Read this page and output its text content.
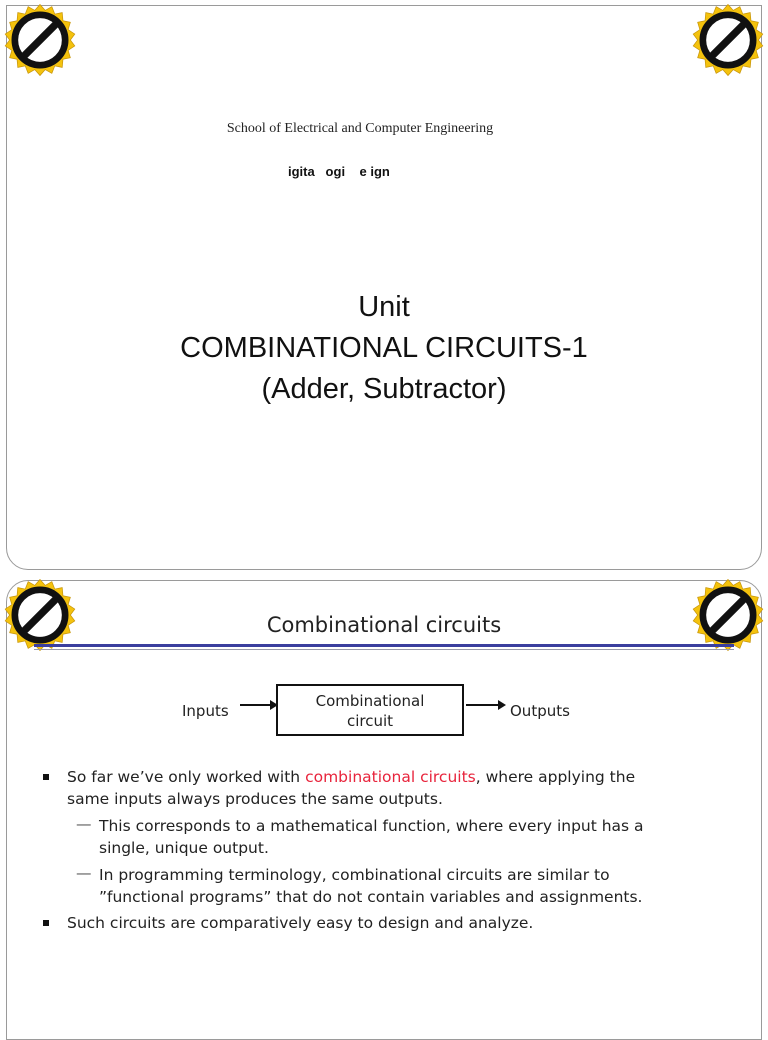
School of Electrical and Computer Engineering
igita   ogi    e ign
Unit
COMBINATIONAL CIRCUITS-1
(Adder, Subtractor)
Combinational circuits
Inputs
Combinational
circuit
Outputs
So far we’ve only worked with combinational circuits, where applying the
same inputs always produces the same outputs.
— This corresponds to a mathematical function, where every input has a
single, unique output.
— In programming terminology, combinational circuits are similar to
”functional programs” that do not contain variables and assignments.
Such circuits are comparatively easy to design and analyze.
